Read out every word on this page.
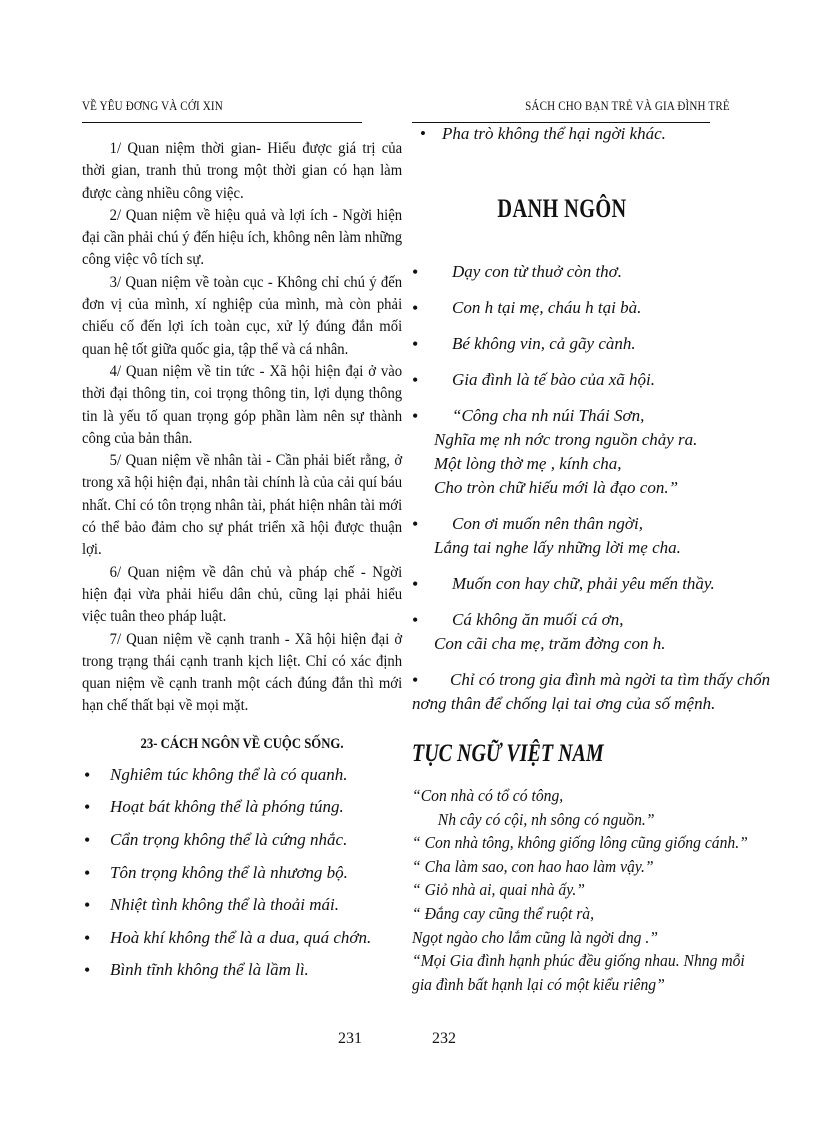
VỀ YÊU ĐƠNG VÀ CỚI XIN	SÁCH CHO BẠN TRẺ VÀ GIA ĐÌNH TRẺ

1/ Quan niệm thời gian- Hiểu được giá trị của thời gian, tranh thủ trong một thời gian có hạn làm được càng nhiều công việc.

2/ Quan niệm về hiệu quả và lợi ích - Ngời hiện đại cần phải chú ý đến hiệu ích, không nên làm những công việc vô tích sự.

3/ Quan niệm về toàn cục - Không chỉ chú ý đến đơn vị của mình, xí nghiệp của mình, mà còn phải chiếu cố đến lợi ích toàn cục, xử lý đúng đắn mối quan hệ tốt giữa quốc gia, tập thể và cá nhân.

4/ Quan niệm về tin tức - Xã hội hiện đại ở vào thời đại thông tin, coi trọng thông tin, lợi dụng thông tin là yếu tố quan trọng góp phần làm nên sự thành công của bản thân.

5/ Quan niệm về nhân tài - Cần phải biết rằng, ở trong xã hội hiện đại, nhân tài chính là của cải quí báu nhất. Chỉ có tôn trọng nhân tài, phát hiện nhân tài mới có thể bảo đảm cho sự phát triển xã hội được thuận lợi.

6/ Quan niệm về dân chủ và pháp chế - Ngời hiện đại vừa phải hiểu dân chủ, cũng lại phải hiểu việc tuân theo pháp luật.

7/ Quan niệm về cạnh tranh - Xã hội hiện đại ở trong trạng thái cạnh tranh kịch liệt. Chỉ có xác định quan niệm về cạnh tranh một cách đúng đắn thì mới hạn chế thất bại về mọi mặt.

23- CÁCH NGÔN VỀ CUỘC SỐNG.
• Nghiêm túc không thể là có quanh.
• Hoạt bát không thể là phóng túng.
• Cẩn trọng không thể là cứng nhắc.
• Tôn trọng không thể là nhương bộ.
• Nhiệt tình không thể là thoải mái.
• Hoà khí không thể là a dua, quá chớn.
• Bình tĩnh không thể là lầm lì.
231
• Pha trò không thể hại ngời khác.
DANH NGÔN
• Dạy con từ thuở còn thơ.
• Con h tại mẹ, cháu h tại bà.
• Bé không vin, cả gãy cành.
• Gia đình là tế bào của xã hội.
• “Công cha nh núi Thái Sơn,
Nghĩa mẹ nh nớc trong nguồn chảy ra.
Một lòng thờ mẹ , kính cha,
Cho tròn chữ hiếu mới là đạo con.”
• Con ơi muốn nên thân ngời,
Lắng tai nghe lấy những lời mẹ cha.
• Muốn con hay chữ, phải yêu mến thầy.
• Cá không ăn muối cá ơn,
Con cãi cha mẹ, trăm đờng con h.
•	Chỉ có trong gia đình mà ngời ta tìm thấy chốn
nơng thân để chống lại tai ơng của số mệnh.
TỤC NGỮ VIỆT NAM

“Con nhà có tổ có tông,

Nh cây có cội, nh sông có nguồn.”

“ Con nhà tông, không giống lông cũng giống cánh.”

“ Cha làm sao, con hao hao làm vậy.”

“ Giỏ nhà ai, quai nhà ấy.”

“ Đắng cay cũng thể ruột rà,

Ngọt ngào cho lắm cũng là ngời dng .”

“Mọi Gia đình hạnh phúc đều giống nhau. Nhng mỗi

gia đình bất hạnh lại có một kiểu riêng”

232
